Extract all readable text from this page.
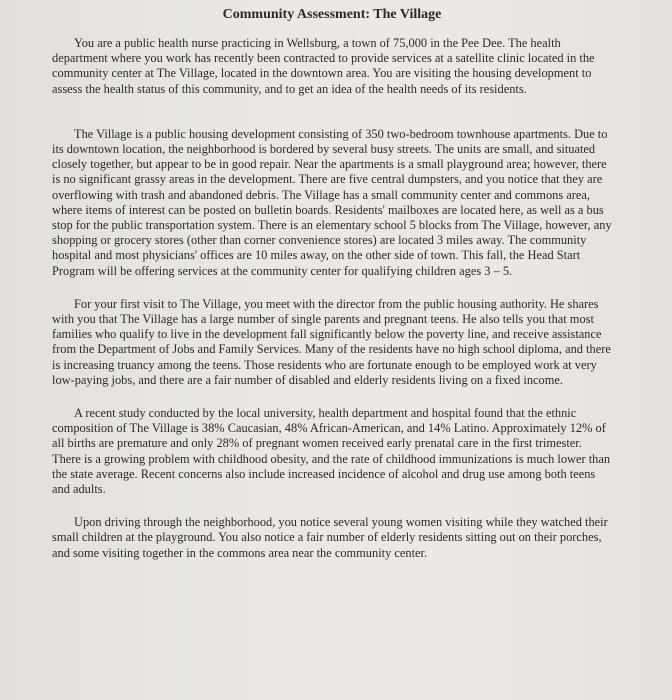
Community Assessment: The Village

You are a public health nurse practicing in Wellsburg, a town of 75,000 in the Pee Dee. The health department where you work has recently been contracted to provide services at a satellite clinic located in the community center at The Village, located in the downtown area. You are visiting the housing development to assess the health status of this community, and to get an idea of the health needs of its residents.

The Village is a public housing development consisting of 350 two-bedroom townhouse apartments. Due to its downtown location, the neighborhood is bordered by several busy streets. The units are small, and situated closely together, but appear to be in good repair. Near the apartments is a small playground area; however, there is no significant grassy areas in the development. There are five central dumpsters, and you notice that they are overflowing with trash and abandoned debris. The Village has a small community center and commons area, where items of interest can be posted on bulletin boards. Residents' mailboxes are located here, as well as a bus stop for the public transportation system. There is an elementary school 5 blocks from The Village, however, any shopping or grocery stores (other than corner convenience stores) are located 3 miles away. The community hospital and most physicians' offices are 10 miles away, on the other side of town. This fall, the Head Start Program will be offering services at the community center for qualifying children ages 3 – 5.

For your first visit to The Village, you meet with the director from the public housing authority. He shares with you that The Village has a large number of single parents and pregnant teens. He also tells you that most families who qualify to live in the development fall significantly below the poverty line, and receive assistance from the Department of Jobs and Family Services. Many of the residents have no high school diploma, and there is increasing truancy among the teens. Those residents who are fortunate enough to be employed work at very low-paying jobs, and there are a fair number of disabled and elderly residents living on a fixed income.

A recent study conducted by the local university, health department and hospital found that the ethnic composition of The Village is 38% Caucasian, 48% African-American, and 14% Latino. Approximately 12% of all births are premature and only 28% of pregnant women received early prenatal care in the first trimester. There is a growing problem with childhood obesity, and the rate of childhood immunizations is much lower than the state average. Recent concerns also include increased incidence of alcohol and drug use among both teens and adults.

Upon driving through the neighborhood, you notice several young women visiting while they watched their small children at the playground. You also notice a fair number of elderly residents sitting out on their porches, and some visiting together in the commons area near the community center.
